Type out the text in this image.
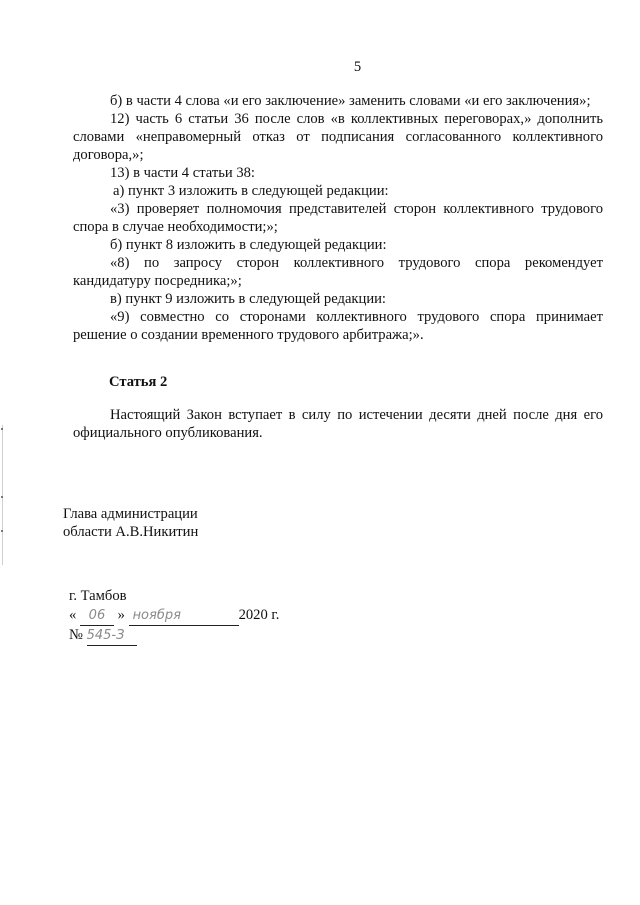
5

б) в части 4 слова «и его заключение» заменить словами «и его заключения»;

12) часть 6 статьи 36 после слов «в коллективных переговорах,» дополнить словами «неправомерный отказ от подписания согласованного коллективного договора,»;

13) в части 4 статьи 38:

а) пункт 3 изложить в следующей редакции:

«3) проверяет полномочия представителей сторон коллективного трудового спора в случае необходимости;»;

б) пункт 8 изложить в следующей редакции:

«8) по запросу сторон коллективного трудового спора рекомендует кандидатуру посредника;»;

в) пункт 9 изложить в следующей редакции:

«9) совместно со сторонами коллективного трудового спора принимает решение о создании временного трудового арбитража;».

Статья 2

Настоящий Закон вступает в силу по истечении десяти дней после дня его официального опубликования.

Глава администрации
области А.В.Никитин
г. Тамбов
« 06 » ноября	2020 г.
№ 545-З
